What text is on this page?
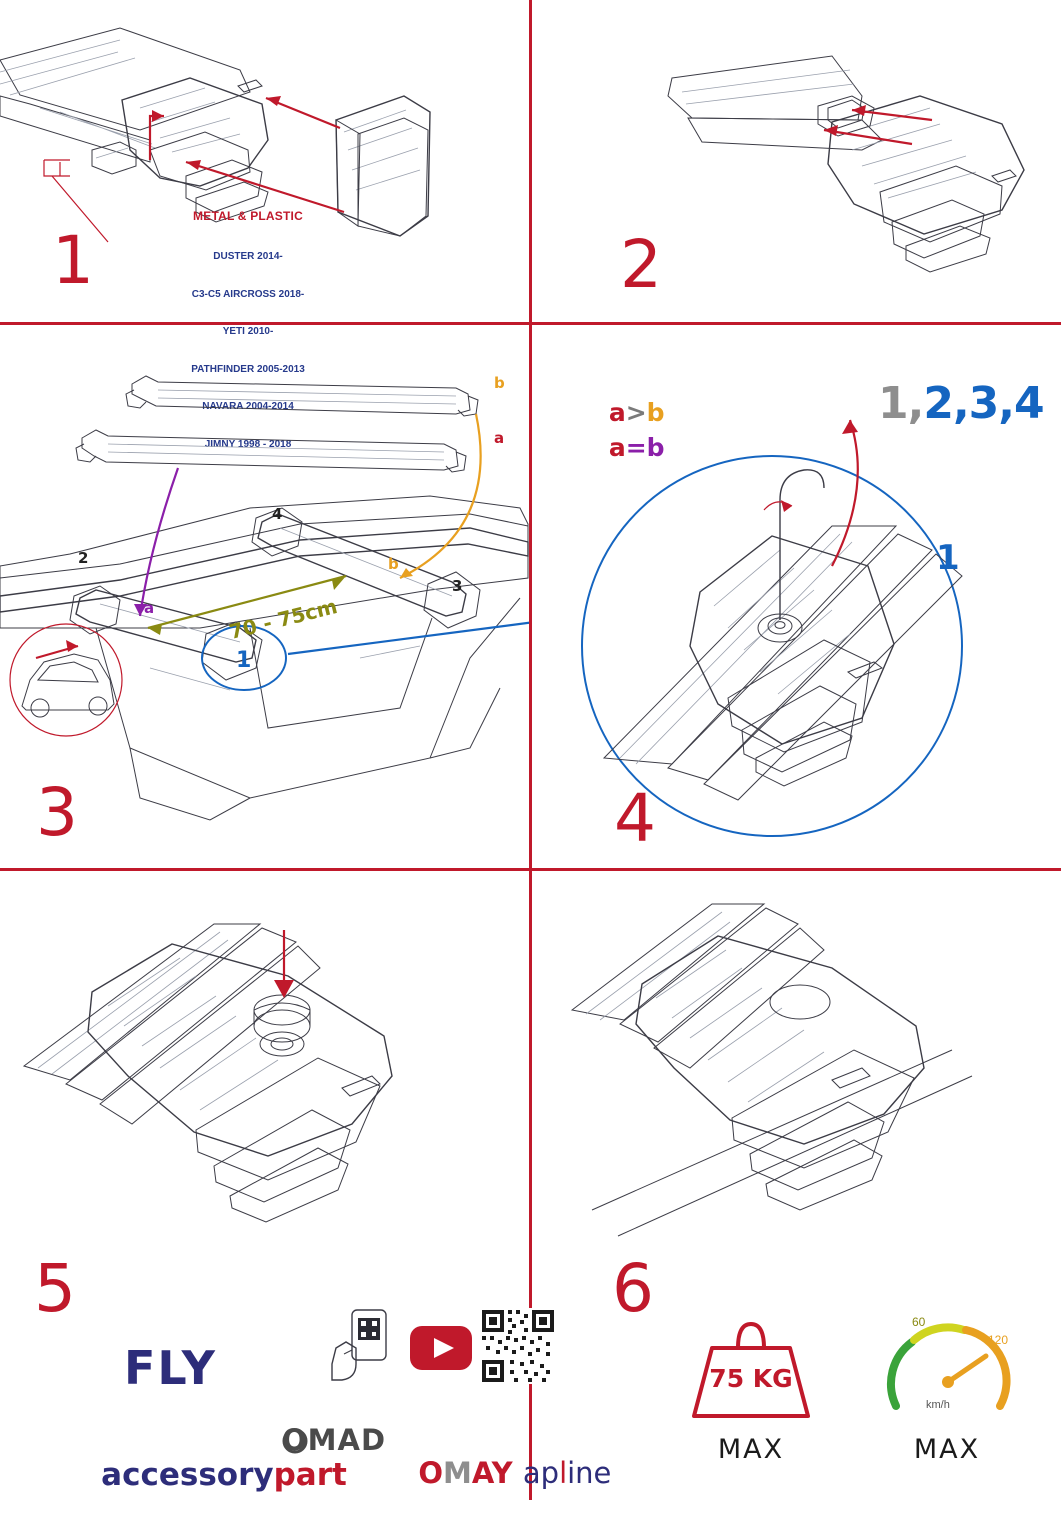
METAL & PLASTIC

DUSTER 2014-

C3-C5 AIRCROSS 2018-

YETI 2010-

PATHFINDER 2005-2013

NAVARA 2004-2014

JIMNY 1998 - 2018

1	2

a>b

a=b

b
a
a
b
2
4
3
1
70 - 75cm
3
1,2,3,4
1
4
5
FLY

accessorypart

OMAD

OMAY
apline

6
75 KG
MAX
60
120
km/h
MAX
